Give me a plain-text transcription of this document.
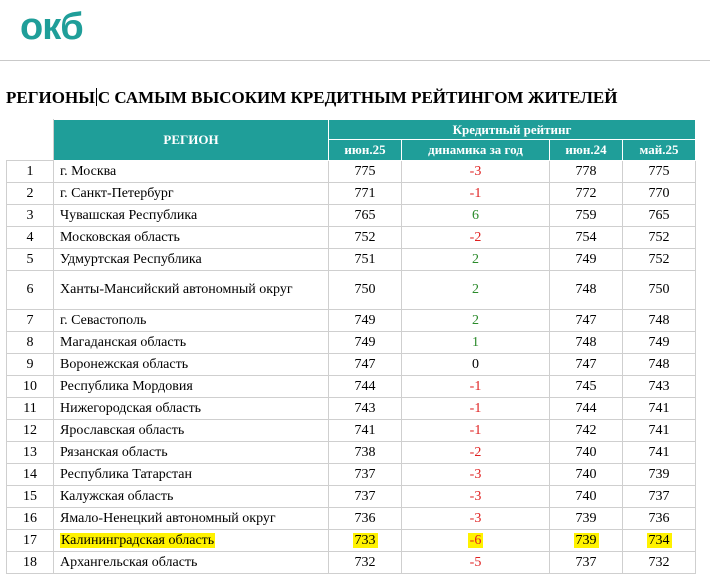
окб
РЕГИОНЫ С САМЫМ ВЫСОКИМ КРЕДИТНЫМ РЕЙТИНГОМ ЖИТЕЛЕЙ
	РЕГИОН	Кредитный рейтинг			
		июн.25	динамика за год	июн.24	май.25
1	г. Москва	775	-3	778	775
2	г. Санкт-Петербург	771	-1	772	770
3	Чувашская Республика	765	6	759	765
4	Московская область	752	-2	754	752
5	Удмуртская Республика	751	2	749	752
6	Ханты-Мансийский автономный округ	750	2	748	750
7	г. Севастополь	749	2	747	748
8	Магаданская область	749	1	748	749
9	Воронежская область	747	0	747	748
10	Республика Мордовия	744	-1	745	743
11	Нижегородская область	743	-1	744	741
12	Ярославская область	741	-1	742	741
13	Рязанская область	738	-2	740	741
14	Республика Татарстан	737	-3	740	739
15	Калужская область	737	-3	740	737
16	Ямало-Ненецкий автономный округ	736	-3	739	736
17	Калининградская область	733	-6	739	734
18	Архангельская область	732	-5	737	732
